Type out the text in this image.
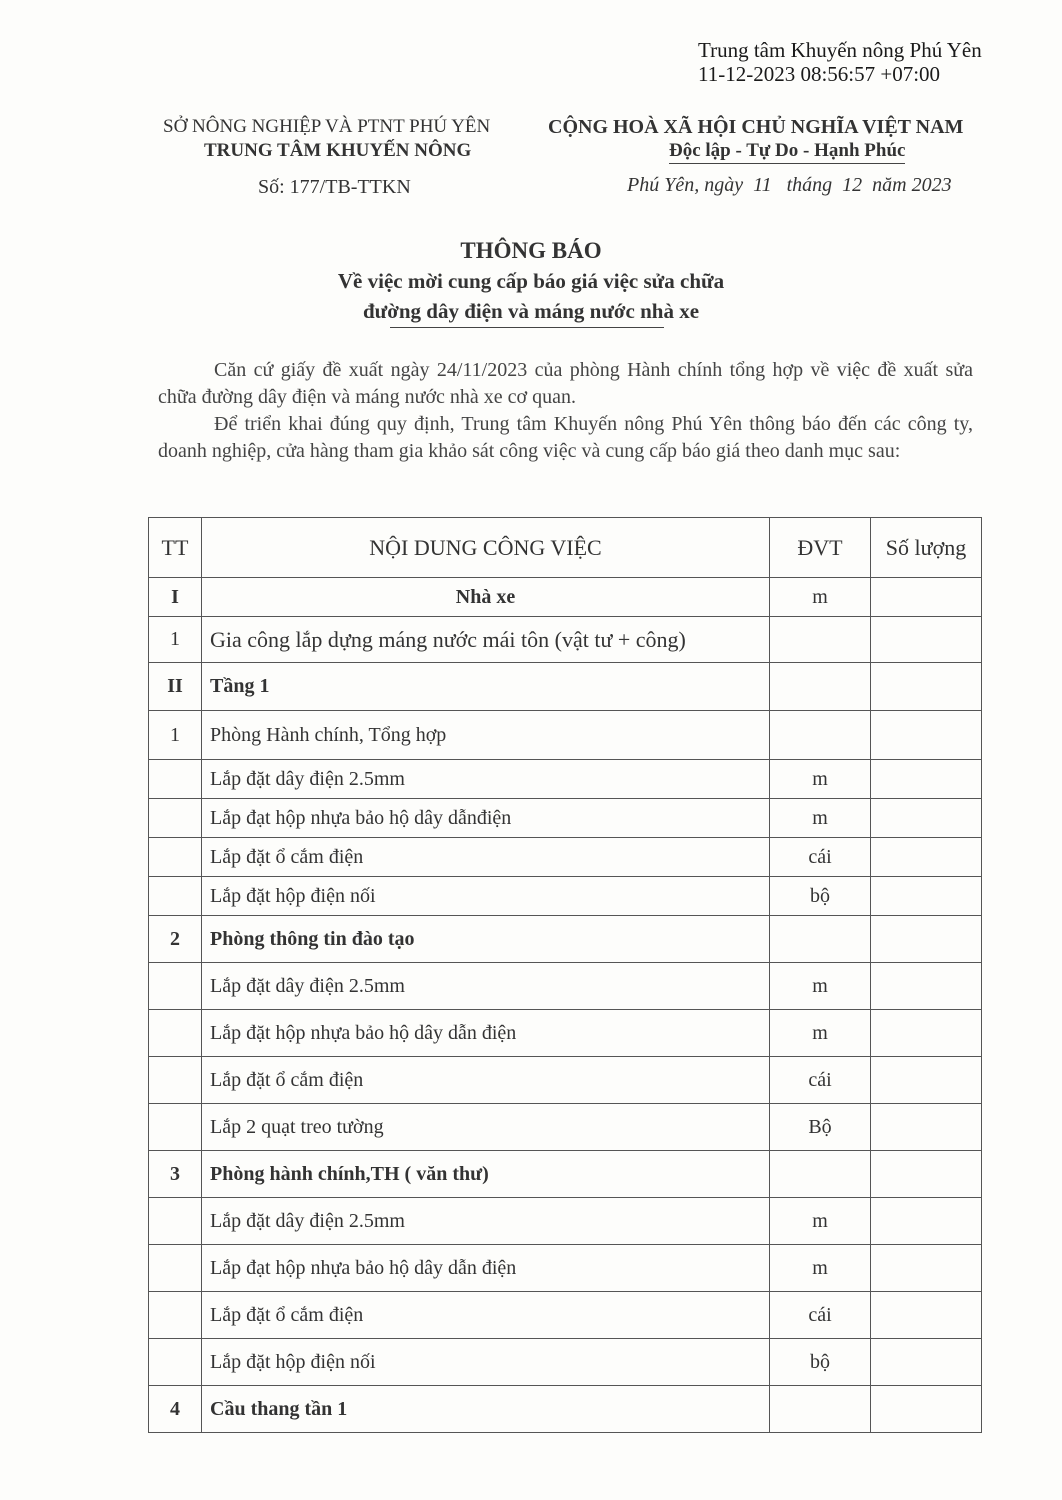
Trung tâm Khuyến nông Phú Yên
11-12-2023 08:56:57 +07:00
SỞ NÔNG NGHIỆP VÀ PTNT PHÚ YÊN
TRUNG TÂM KHUYẾN NÔNG
Số: 177/TB-TTKN
CỘNG HOÀ XÃ HỘI CHỦ NGHĨA VIỆT NAM
Độc lập - Tự Do - Hạnh Phúc
Phú Yên, ngày  11   tháng  12  năm 2023
THÔNG BÁO
Về việc mời cung cấp báo giá việc sửa chữa
đường dây điện và máng nước nhà xe
Căn cứ giấy đề xuất ngày 24/11/2023 của phòng Hành chính tổng hợp về việc đề xuất sửa chữa đường dây điện và máng nước nhà xe cơ quan.
Để triển khai đúng quy định, Trung tâm Khuyến nông Phú Yên thông báo đến các công ty, doanh nghiệp, cửa hàng tham gia khảo sát công việc và cung cấp báo giá theo danh mục sau:
TT	NỘI DUNG CÔNG VIỆC	ĐVT	Số lượng
I	Nhà xe	m	
1	Gia công lắp dựng máng nước mái tôn (vật tư + công)		
II	Tầng 1		
1	Phòng Hành chính, Tổng hợp		
	Lắp đặt dây điện 2.5mm	m	
	Lắp đạt hộp nhựa bảo hộ dây dẫnđiện	m	
	Lắp đặt ổ cắm điện	cái	
	Lắp đặt hộp điện nối	bộ	
2	Phòng thông tin đào tạo		
	Lắp đặt dây điện 2.5mm	m	
	Lắp đặt hộp nhựa bảo hộ dây dẫn điện	m	
	Lắp đặt ổ cắm điện	cái	
	Lắp 2 quạt treo tường	Bộ	
3	Phòng hành chính,TH ( văn thư)		
	Lắp đặt dây điện 2.5mm	m	
	Lắp đạt hộp nhựa bảo hộ dây dẫn điện	m	
	Lắp đặt ổ cắm điện	cái	
	Lắp đặt hộp điện nối	bộ	
4	Cầu thang tần 1		
